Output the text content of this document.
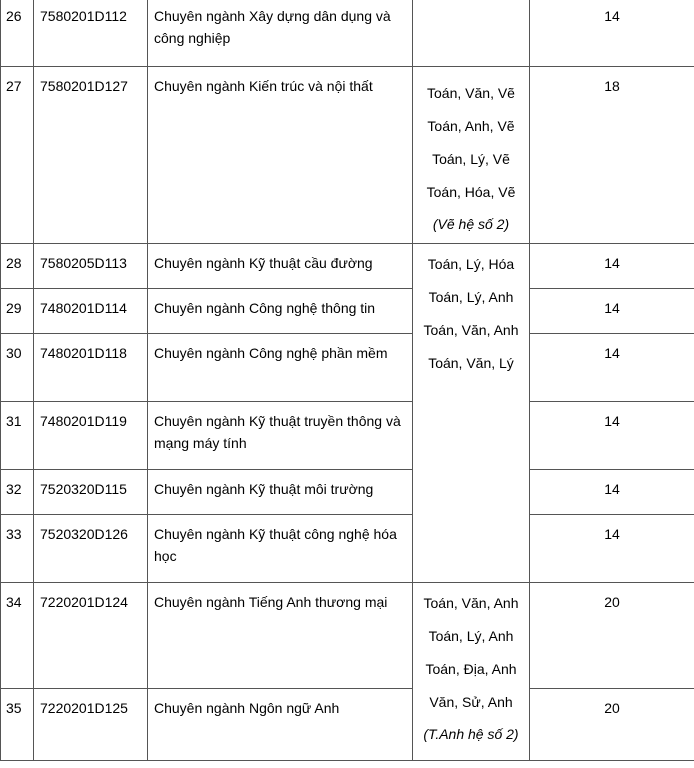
26	7580201D112	Chuyên ngành Xây dựng dân dụng và công nghiệp		14
27	7580201D127	Chuyên ngành Kiến trúc và nội thất	Toán, Văn, Vẽ
Toán, Anh, Vẽ
Toán, Lý, Vẽ
Toán, Hóa, Vẽ
(Vẽ hệ số 2)	18
28	7580205D113	Chuyên ngành Kỹ thuật cầu đường	Toán, Lý, Hóa
Toán, Lý, Anh
Toán, Văn, Anh
Toán, Văn, Lý	14
29	7480201D114	Chuyên ngành Công nghệ thông tin		14
30	7480201D118	Chuyên ngành Công nghệ phần mềm		14
31	7480201D119	Chuyên ngành Kỹ thuật truyền thông và mạng máy tính		14
32	7520320D115	Chuyên ngành Kỹ thuật môi trường		14
33	7520320D126	Chuyên ngành Kỹ thuật công nghệ hóa học		14
34	7220201D124	Chuyên ngành Tiếng Anh thương mại	Toán, Văn, Anh
Toán, Lý, Anh
Toán, Địa, Anh
Văn, Sử, Anh
(T.Anh hệ số 2)	20
35	7220201D125	Chuyên ngành Ngôn ngữ Anh		20
